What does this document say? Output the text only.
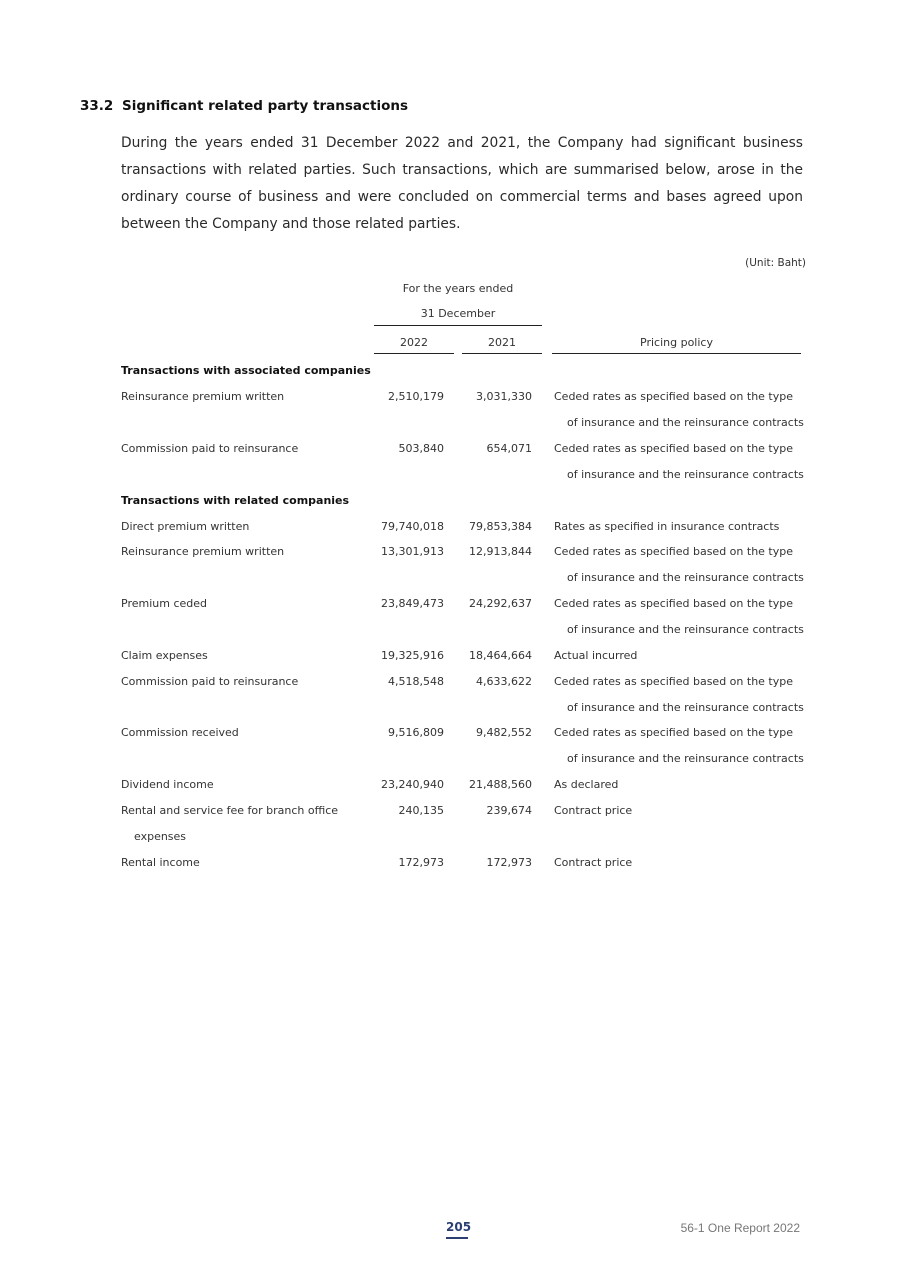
33.2 Significant related party transactions
During the years ended 31 December 2022 and 2021, the Company had significant business transactions with related parties. Such transactions, which are summarised below, arose in the ordinary course of business and were concluded on commercial terms and bases agreed upon between the Company and those related parties.
(Unit: Baht)
For the years ended
31 December
2022	2021	Pricing policy
Transactions with associated companies
Reinsurance premium written	2,510,179	3,031,330 Ceded rates as specified based on the type
of insurance and the reinsurance contracts
Commission paid to reinsurance	503,840	654,071 Ceded rates as specified based on the type
of insurance and the reinsurance contracts
Transactions with related companies
Direct premium written	79,740,018 79,853,384 Rates as specified in insurance contracts
Reinsurance premium written	13,301,913 12,913,844 Ceded rates as specified based on the type
of insurance and the reinsurance contracts
Premium ceded	23,849,473 24,292,637 Ceded rates as specified based on the type
of insurance and the reinsurance contracts
Claim expenses	19,325,916 18,464,664 Actual incurred
Commission paid to reinsurance	4,518,548	4,633,622 Ceded rates as specified based on the type
of insurance and the reinsurance contracts
Commission received	9,516,809	9,482,552 Ceded rates as specified based on the type
of insurance and the reinsurance contracts
Dividend income	23,240,940 21,488,560 As declared
Rental and service fee for branch office	240,135	239,674 Contract price
expenses
Rental income	172,973	172,973 Contract price
205	56-1 One Report 2022
